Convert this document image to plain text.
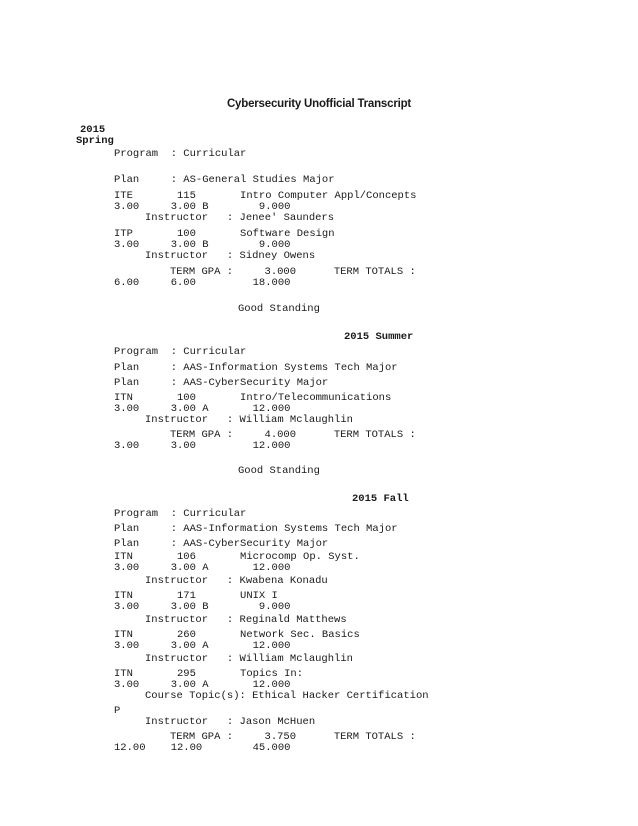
Cybersecurity Unofficial Transcript
2015
Spring
Program  : Curricular
Plan     : AS-General Studies Major
ITE       115       Intro Computer Appl/Concepts
3.00     3.00 B        9.000
Instructor   : Jenee' Saunders
ITP       100       Software Design
3.00     3.00 B        9.000
Instructor   : Sidney Owens
TERM GPA :     3.000      TERM TOTALS :
6.00     6.00         18.000
Good Standing
2015 Summer
Program  : Curricular
Plan     : AAS-Information Systems Tech Major
Plan     : AAS-CyberSecurity Major
ITN       100       Intro/Telecommunications
3.00     3.00 A       12.000
Instructor   : William Mclaughlin
TERM GPA :     4.000      TERM TOTALS :
3.00     3.00         12.000
Good Standing
2015 Fall
Program  : Curricular
Plan     : AAS-Information Systems Tech Major
Plan     : AAS-CyberSecurity Major
ITN       106       Microcomp Op. Syst.
3.00     3.00 A       12.000
Instructor   : Kwabena Konadu
ITN       171       UNIX I
3.00     3.00 B        9.000
Instructor   : Reginald Matthews
ITN       260       Network Sec. Basics
3.00     3.00 A       12.000
Instructor   : William Mclaughlin
ITN       295       Topics In:
3.00     3.00 A       12.000
Course Topic(s): Ethical Hacker Certification
P
Instructor   : Jason McHuen
TERM GPA :     3.750      TERM TOTALS :
12.00    12.00        45.000
